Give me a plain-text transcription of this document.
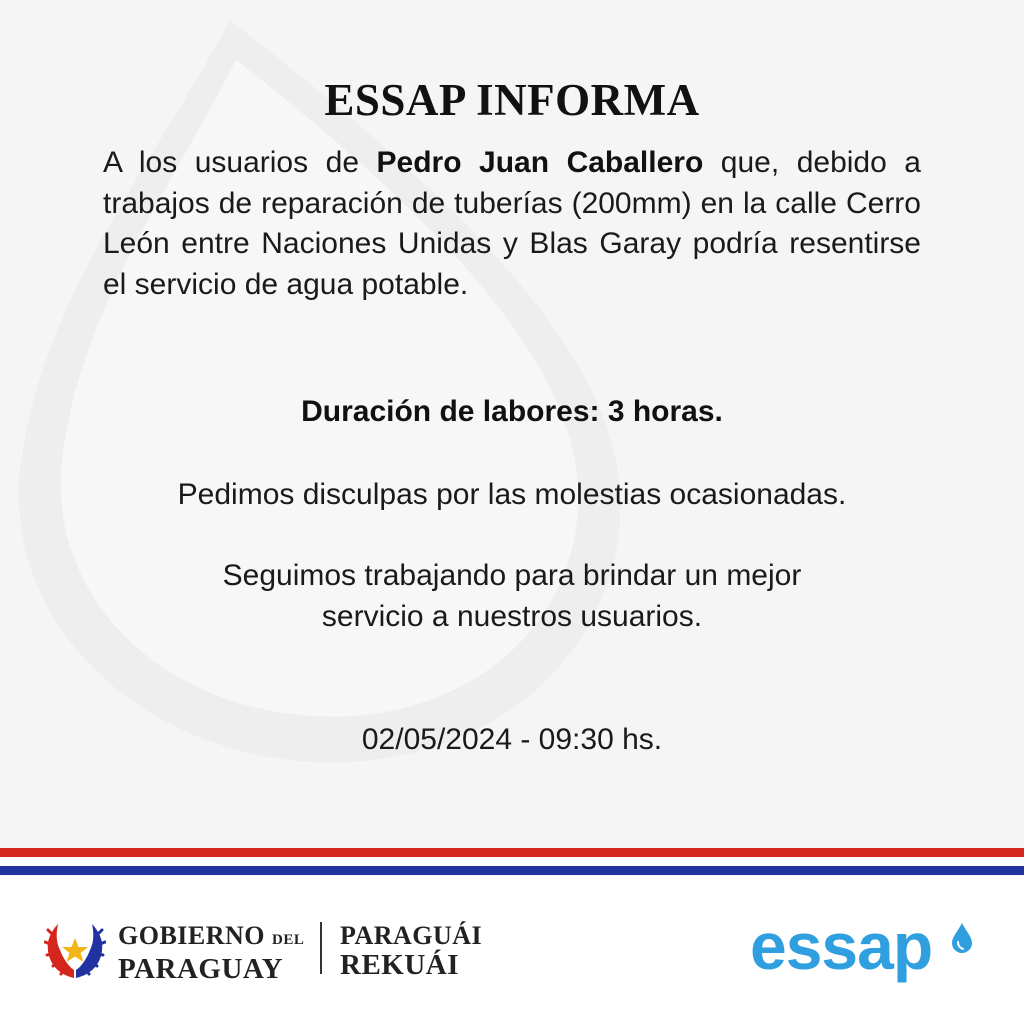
ESSAP INFORMA

A los usuarios de Pedro Juan Caballero que, debido a trabajos de reparación de tuberías (200mm) en la calle Cerro León entre Naciones Unidas y Blas Garay podría resentirse el servicio de agua potable.

Duración de labores: 3 horas.

Pedimos disculpas por las molestias ocasionadas.

Seguimos trabajando para brindar un mejor
servicio a nuestros usuarios.

02/05/2024 - 09:30 hs.

GOBIERNO DEL
PARAGUAY
PARAGUÁI
REKUÁI	essap
